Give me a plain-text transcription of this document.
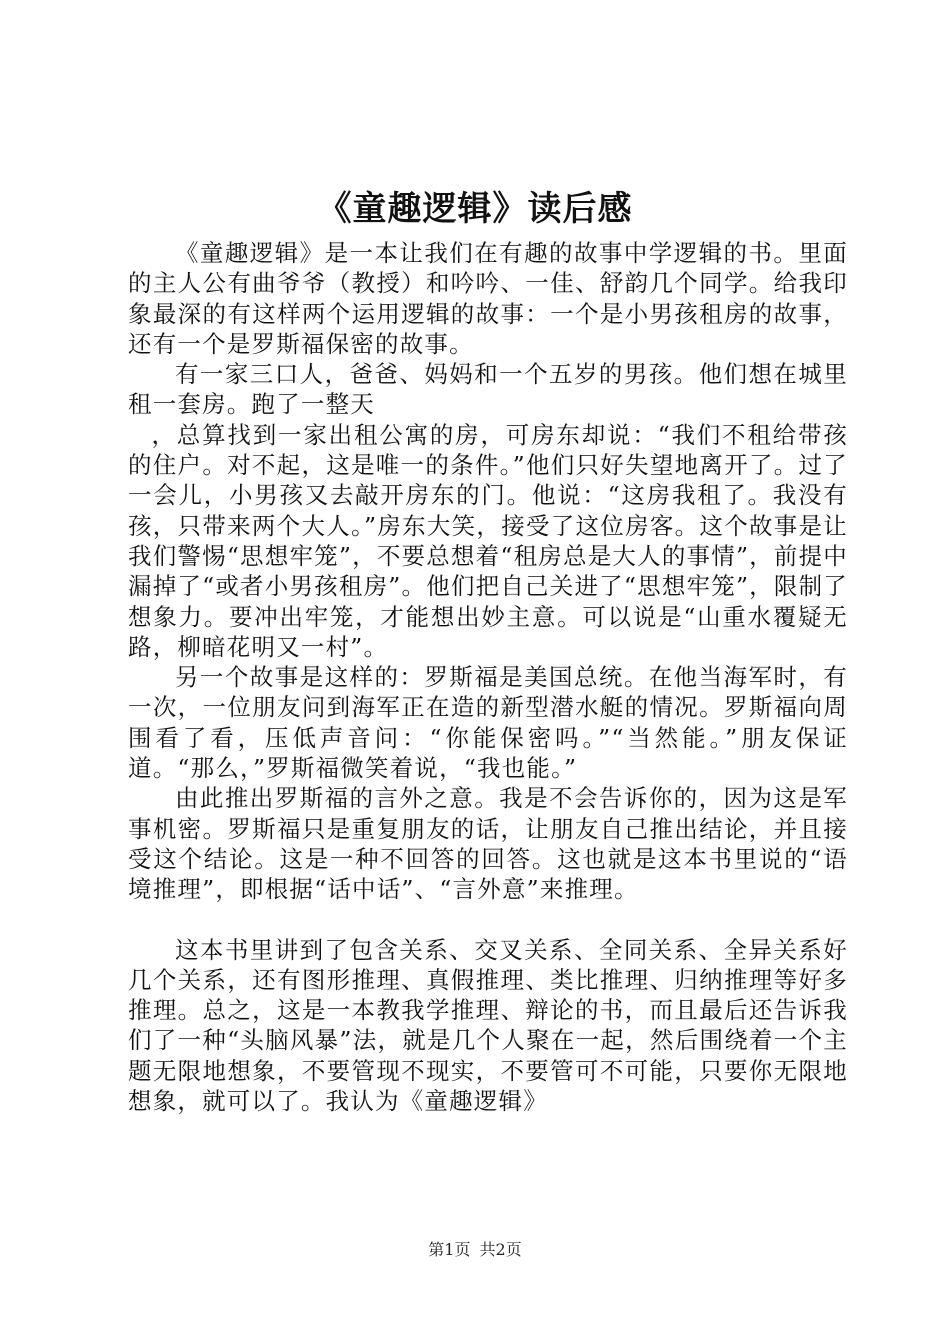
《童趣逻辑》读后感

《童趣逻辑》是一本让我们在有趣的故事中学逻辑的书。里面的主人公有曲爷爷（教授）和吟吟、一佳、舒韵几个同学。给我印象最深的有这样两个运用逻辑的故事：一个是小男孩租房的故事，还有一个是罗斯福保密的故事。

有一家三口人，爸爸、妈妈和一个五岁的男孩。他们想在城里租一套房。跑了一整天

，总算找到一家出租公寓的房，可房东却说：“我们不租给带孩的住户。对不起，这是唯一的条件。”他们只好失望地离开了。过了一会儿，小男孩又去敲开房东的门。他说：“这房我租了。我没有孩，只带来两个大人。”房东大笑，接受了这位房客。这个故事是让我们警惕“思想牢笼”，不要总想着“租房总是大人的事情”，前提中漏掉了“或者小男孩租房”。他们把自己关进了“思想牢笼”，限制了想象力。要冲出牢笼，才能想出妙主意。可以说是“山重水覆疑无路，柳暗花明又一村”。

另一个故事是这样的：罗斯福是美国总统。在他当海军时，有一次，一位朋友问到海军正在造的新型潜水艇的情况。罗斯福向周围看了看，压低声音问：“你能保密吗。”“当然能。”朋友保证道。“那么，”罗斯福微笑着说，“我也能。”

由此推出罗斯福的言外之意。我是不会告诉你的，因为这是军事机密。罗斯福只是重复朋友的话，让朋友自己推出结论，并且接受这个结论。这是一种不回答的回答。这也就是这本书里说的“语境推理”，即根据“话中话”、“言外意”来推理。

这本书里讲到了包含关系、交叉关系、全同关系、全异关系好几个关系，还有图形推理、真假推理、类比推理、归纳推理等好多推理。总之，这是一本教我学推理、辩论的书，而且最后还告诉我们了一种“头脑风暴”法，就是几个人聚在一起，然后围绕着一个主题无限地想象，不要管现不现实，不要管可不可能，只要你无限地想象，就可以了。我认为《童趣逻辑》

第1页 共2页
